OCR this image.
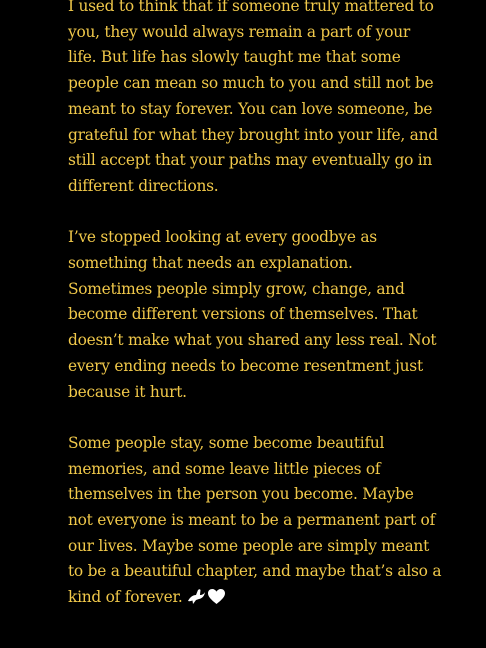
I used to think that if someone truly mattered to
you, they would always remain a part of your
life. But life has slowly taught me that some
people can mean so much to you and still not be
meant to stay forever. You can love someone, be
grateful for what they brought into your life, and
still accept that your paths may eventually go in
different directions.

I’ve stopped looking at every goodbye as
something that needs an explanation.
Sometimes people simply grow, change, and
become different versions of themselves. That
doesn’t make what you shared any less real. Not
every ending needs to become resentment just
because it hurt.

Some people stay, some become beautiful
memories, and some leave little pieces of
themselves in the person you become. Maybe
not everyone is meant to be a permanent part of
our lives. Maybe some people are simply meant
to be a beautiful chapter, and maybe that’s also a
kind of forever.
